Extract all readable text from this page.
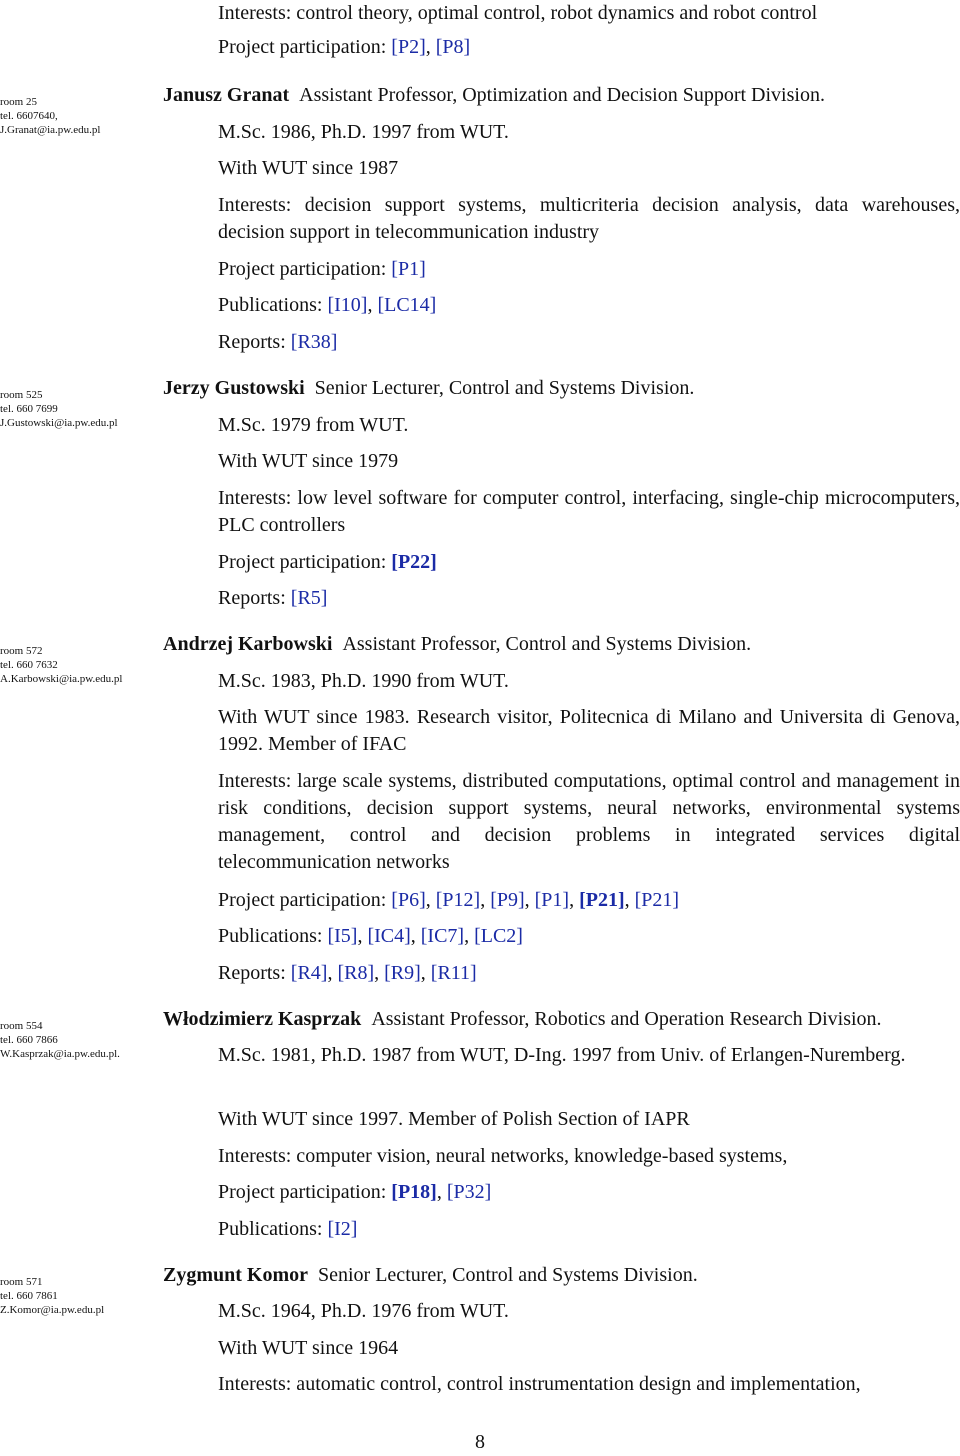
Interests: control theory, optimal control, robot dynamics and robot control
Project participation: [P2], [P8]
room 25
tel. 6607640,
J.Granat@ia.pw.edu.pl
Janusz Granat  Assistant Professor, Optimization and Decision Support Division.
M.Sc. 1986, Ph.D. 1997 from WUT.
With WUT since 1987
Interests: decision support systems, multicriteria decision analysis, data warehouses, decision support in telecommunication industry
Project participation: [P1]
Publications: [I10], [LC14]
Reports: [R38]
room 525
tel. 660 7699
J.Gustowski@ia.pw.edu.pl
Jerzy Gustowski  Senior Lecturer, Control and Systems Division.
M.Sc. 1979 from WUT.
With WUT since 1979
Interests: low level software for computer control, interfacing, single-chip microcomputers, PLC controllers
Project participation: [P22]
Reports: [R5]
room 572
tel. 660 7632
A.Karbowski@ia.pw.edu.pl
Andrzej Karbowski  Assistant Professor, Control and Systems Division.
M.Sc. 1983, Ph.D. 1990 from WUT.
With WUT since 1983. Research visitor, Politecnica di Milano and Universita di Genova, 1992. Member of IFAC
Interests: large scale systems, distributed computations, optimal control and management in risk conditions, decision support systems, neural networks, environmental systems management, control and decision problems in integrated services digital telecommunication networks
Project participation: [P6], [P12], [P9], [P1], [P21], [P21]
Publications: [I5], [IC4], [IC7], [LC2]
Reports: [R4], [R8], [R9], [R11]
room 554
tel. 660 7866
W.Kasprzak@ia.pw.edu.pl.
Włodzimierz Kasprzak  Assistant Professor, Robotics and Operation Research Division.
M.Sc. 1981, Ph.D. 1987 from WUT, D-Ing. 1997 from Univ. of Erlangen-Nuremberg.
With WUT since 1997. Member of Polish Section of IAPR
Interests: computer vision, neural networks, knowledge-based systems,
Project participation: [P18], [P32]
Publications: [I2]
room 571
tel. 660 7861
Z.Komor@ia.pw.edu.pl
Zygmunt Komor  Senior Lecturer, Control and Systems Division.
M.Sc. 1964, Ph.D. 1976 from WUT.
With WUT since 1964
Interests: automatic control, control instrumentation design and implementation,
8
